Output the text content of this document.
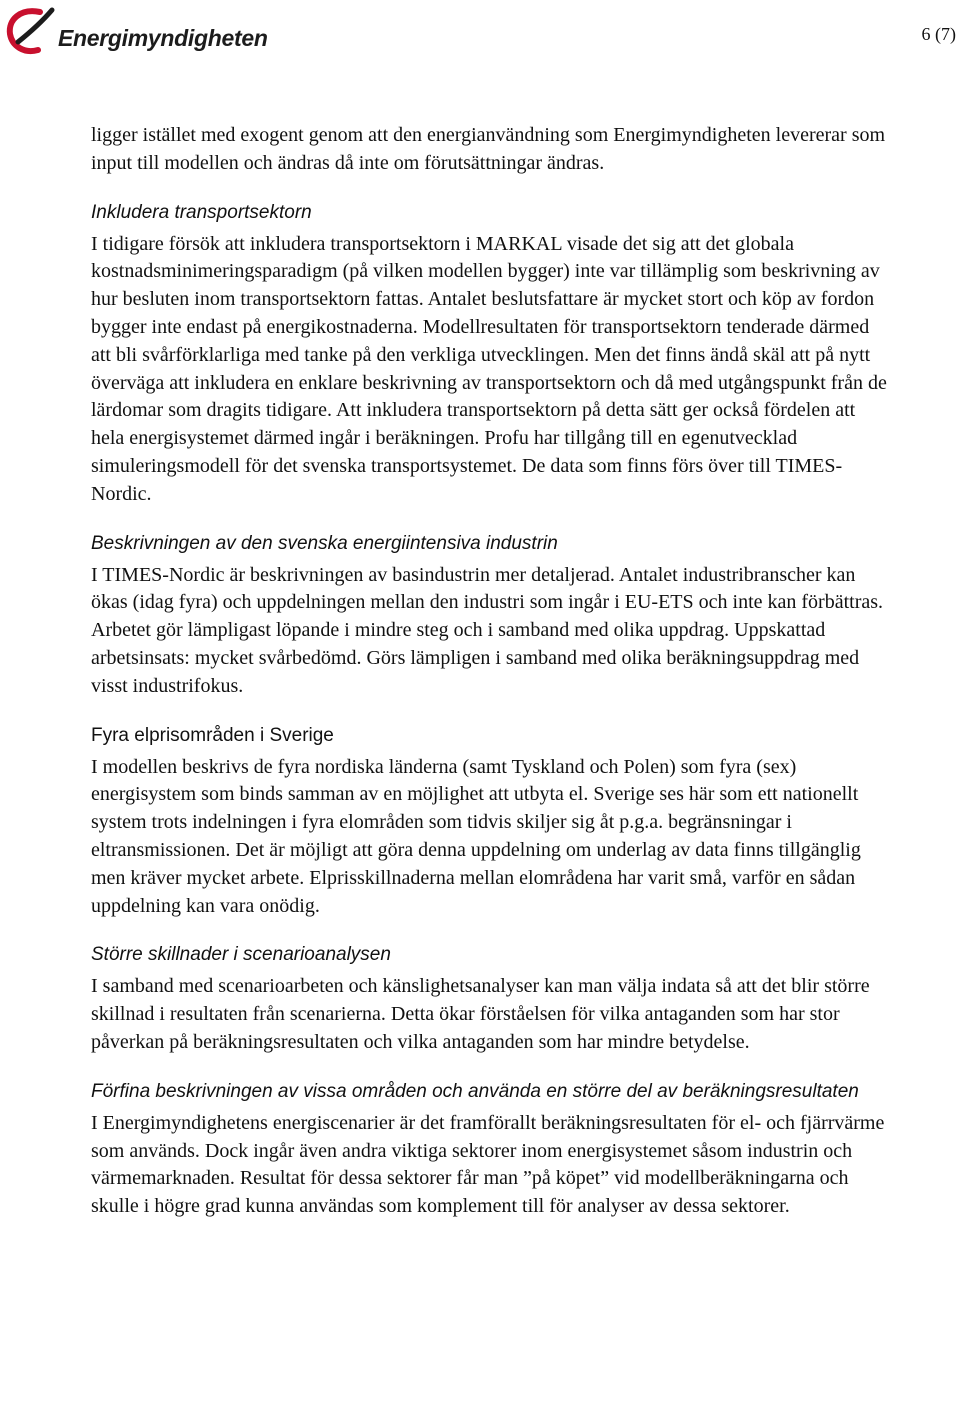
Energimyndigheten	6 (7)

ligger istället med exogent genom att den energianvändning som Energimyndigheten levererar som input till modellen och ändras då inte om förutsättningar ändras.

Inkludera transportsektorn

I tidigare försök att inkludera transportsektorn i MARKAL visade det sig att det globala kostnadsminimeringsparadigm (på vilken modellen bygger) inte var tillämplig som beskrivning av hur besluten inom transportsektorn fattas. Antalet beslutsfattare är mycket stort och köp av fordon bygger inte endast på energikostnaderna. Modellresultaten för transportsektorn tenderade därmed att bli svårförklarliga med tanke på den verkliga utvecklingen. Men det finns ändå skäl att på nytt överväga att inkludera en enklare beskrivning av transportsektorn och då med utgångspunkt från de lärdomar som dragits tidigare. Att inkludera transportsektorn på detta sätt ger också fördelen att hela energisystemet därmed ingår i beräkningen. Profu har tillgång till en egenutvecklad simuleringsmodell för det svenska transportsystemet. De data som finns förs över till TIMES-Nordic.

Beskrivningen av den svenska energiintensiva industrin

I TIMES-Nordic är beskrivningen av basindustrin mer detaljerad. Antalet industribranscher kan ökas (idag fyra) och uppdelningen mellan den industri som ingår i EU-ETS och inte kan förbättras. Arbetet gör lämpligast löpande i mindre steg och i samband med olika uppdrag. Uppskattad arbetsinsats: mycket svårbedömd. Görs lämpligen i samband med olika beräkningsuppdrag med visst industrifokus.

Fyra elprisområden i Sverige

I modellen beskrivs de fyra nordiska länderna (samt Tyskland och Polen) som fyra (sex) energisystem som binds samman av en möjlighet att utbyta el. Sverige ses här som ett nationellt system trots indelningen i fyra elområden som tidvis skiljer sig åt p.g.a. begränsningar i eltransmissionen. Det är möjligt att göra denna uppdelning om underlag av data finns tillgänglig men kräver mycket arbete. Elprisskillnaderna mellan elområdena har varit små, varför en sådan uppdelning kan vara onödig.

Större skillnader i scenarioanalysen

I samband med scenarioarbeten och känslighetsanalyser kan man välja indata så att det blir större skillnad i resultaten från scenarierna. Detta ökar förståelsen för vilka antaganden som har stor påverkan på beräkningsresultaten och vilka antaganden som har mindre betydelse.

Förfina beskrivningen av vissa områden och använda en större del av beräkningsresultaten

I Energimyndighetens energiscenarier är det framförallt beräkningsresultaten för el- och fjärrvärme som används. Dock ingår även andra viktiga sektorer inom energisystemet såsom industrin och värmemarknaden. Resultat för dessa sektorer får man ”på köpet” vid modellberäkningarna och skulle i högre grad kunna användas som komplement till för analyser av dessa sektorer.
